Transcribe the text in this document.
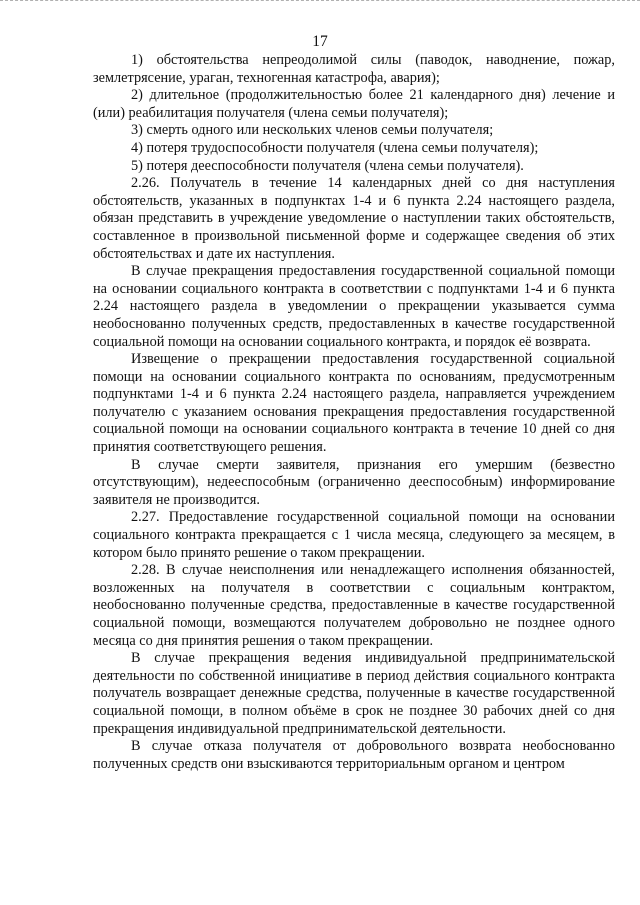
17

1) обстоятельства непреодолимой силы (паводок, наводнение, пожар, землетрясение, ураган, техногенная катастрофа, авария);

2) длительное (продолжительностью более 21 календарного дня) лечение и (или) реабилитация получателя (члена семьи получателя);

3) смерть одного или нескольких членов семьи получателя;

4) потеря трудоспособности получателя (члена семьи получателя);

5) потеря дееспособности получателя (члена семьи получателя).

2.26. Получатель в течение 14 календарных дней со дня наступления обстоятельств, указанных в подпунктах 1-4 и 6 пункта 2.24 настоящего раздела, обязан представить в учреждение уведомление о наступлении таких обстоятельств, составленное в произвольной письменной форме и содержащее сведения об этих обстоятельствах и дате их наступления.

В случае прекращения предоставления государственной социальной помощи на основании социального контракта в соответствии с подпунктами 1-4 и 6 пункта 2.24 настоящего раздела в уведомлении о прекращении указывается сумма необоснованно полученных средств, предоставленных в качестве государственной социальной помощи на основании социального контракта, и порядок её возврата.

Извещение о прекращении предоставления государственной социальной помощи на основании социального контракта по основаниям, предусмотренным подпунктами 1-4 и 6 пункта 2.24 настоящего раздела, направляется учреждением получателю с указанием основания прекращения предоставления государственной социальной помощи на основании социального контракта в течение 10 дней со дня принятия соответствующего решения.

В случае смерти заявителя, признания его умершим (безвестно отсутствующим), недееспособным (ограниченно дееспособным) информирование заявителя не производится.

2.27. Предоставление государственной социальной помощи на основании социального контракта прекращается с 1 числа месяца, следующего за месяцем, в котором было принято решение о таком прекращении.

2.28. В случае неисполнения или ненадлежащего исполнения обязанностей, возложенных на получателя в соответствии с социальным контрактом, необоснованно полученные средства, предоставленные в качестве государственной социальной помощи, возмещаются получателем добровольно не позднее одного месяца со дня принятия решения о таком прекращении.

В случае прекращения ведения индивидуальной предпринимательской деятельности по собственной инициативе в период действия социального контракта получатель возвращает денежные средства, полученные в качестве государственной социальной помощи, в полном объёме в срок не позднее 30 рабочих дней со дня прекращения индивидуальной предпринимательской деятельности.

В случае отказа получателя от добровольного возврата необоснованно полученных средств они взыскиваются территориальным органом и центром
